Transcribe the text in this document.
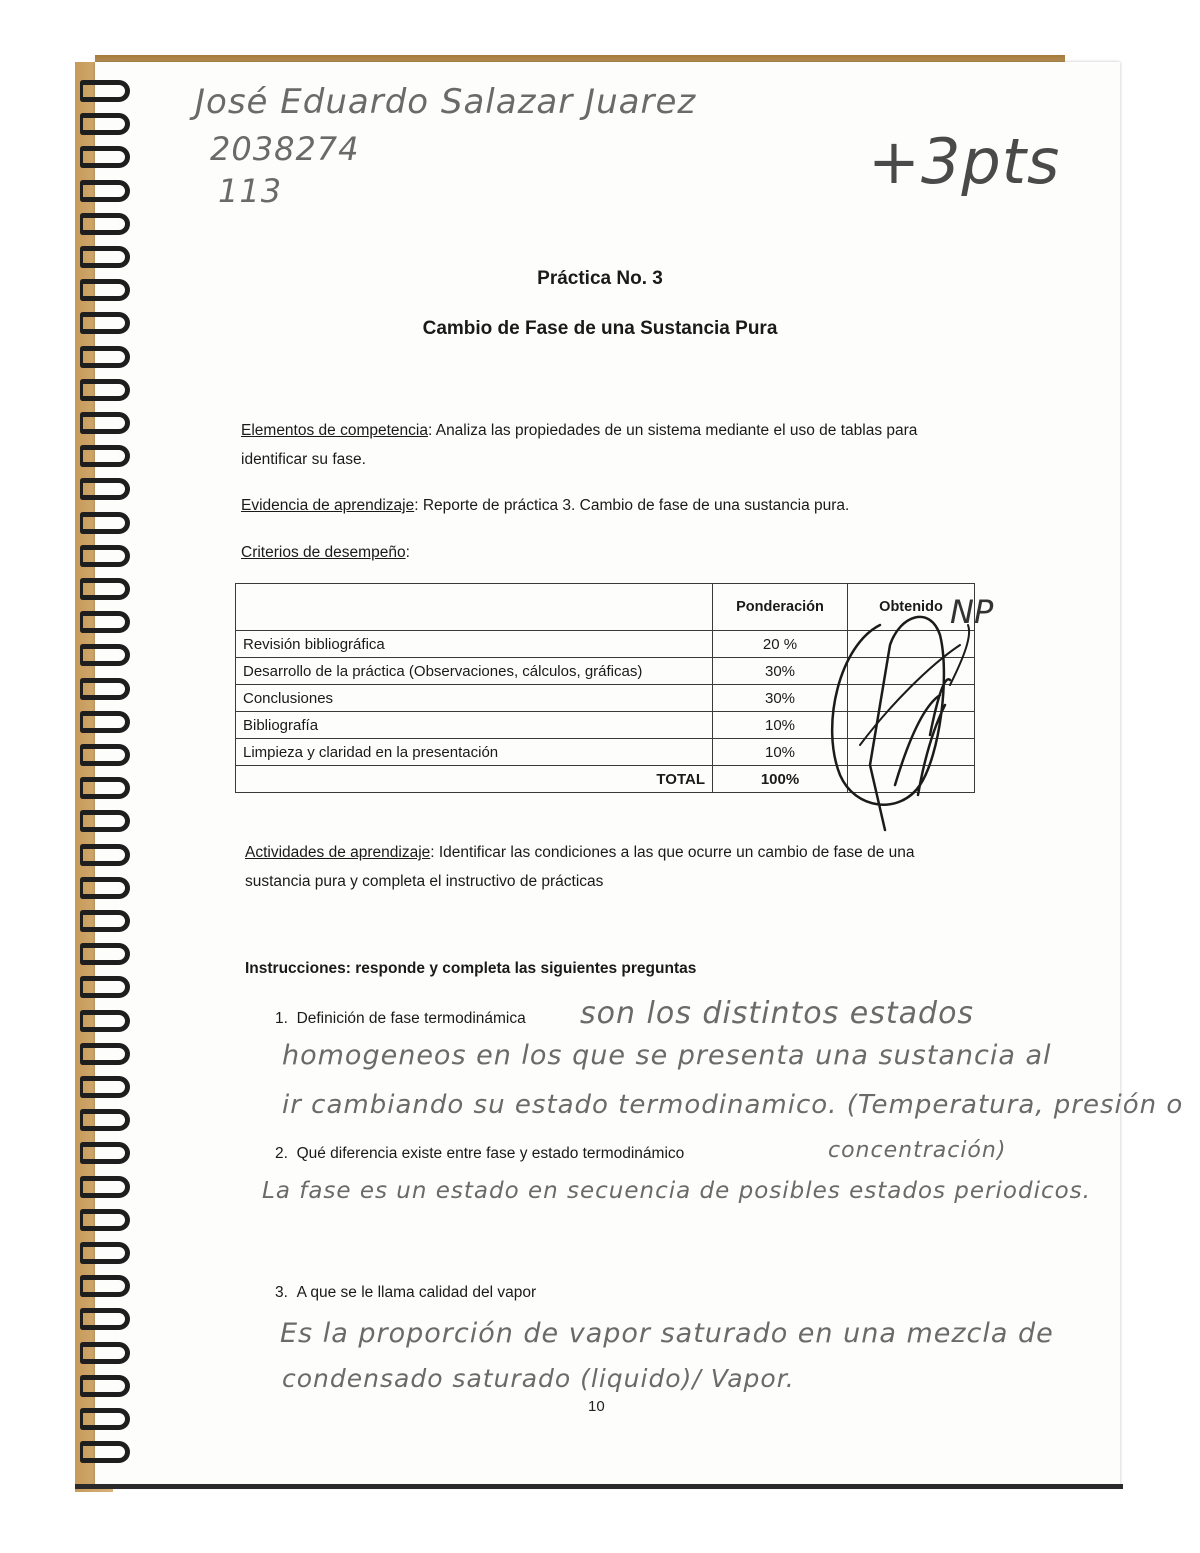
José Eduardo Salazar Juarez
2038274
113	+3pts
Práctica No. 3
Cambio de Fase de una Sustancia Pura
Elementos de competencia: Analiza las propiedades de un sistema mediante el uso de tablas para identificar su fase.
Evidencia de aprendizaje: Reporte de práctica 3. Cambio de fase de una sustancia pura.
Criterios de desempeño:
	Ponderación	Obtenido
Revisión bibliográfica	20 %	
Desarrollo de la práctica (Observaciones, cálculos, gráficas)	30%	
Conclusiones	30%	
Bibliografía	10%	
Limpieza y claridad en la presentación	10%	
TOTAL	100%	
NP
Actividades de aprendizaje: Identificar las condiciones a las que ocurre un cambio de fase de una sustancia pura y completa el instructivo de prácticas
Instrucciones: responde y completa las siguientes preguntas
1. Definición de fase termodinámica son los distintos estados
homogeneos en los que se presenta una sustancia al
ir cambiando su estado termodinamico. (Temperatura, presión o
concentración)
2. Qué diferencia existe entre fase y estado termodinámico
La fase es un estado en secuencia de posibles estados periodicos.
3. A que se le llama calidad del vapor
Es la proporción de vapor saturado en una mezcla de
condensado saturado (liquido)/ Vapor.
10
